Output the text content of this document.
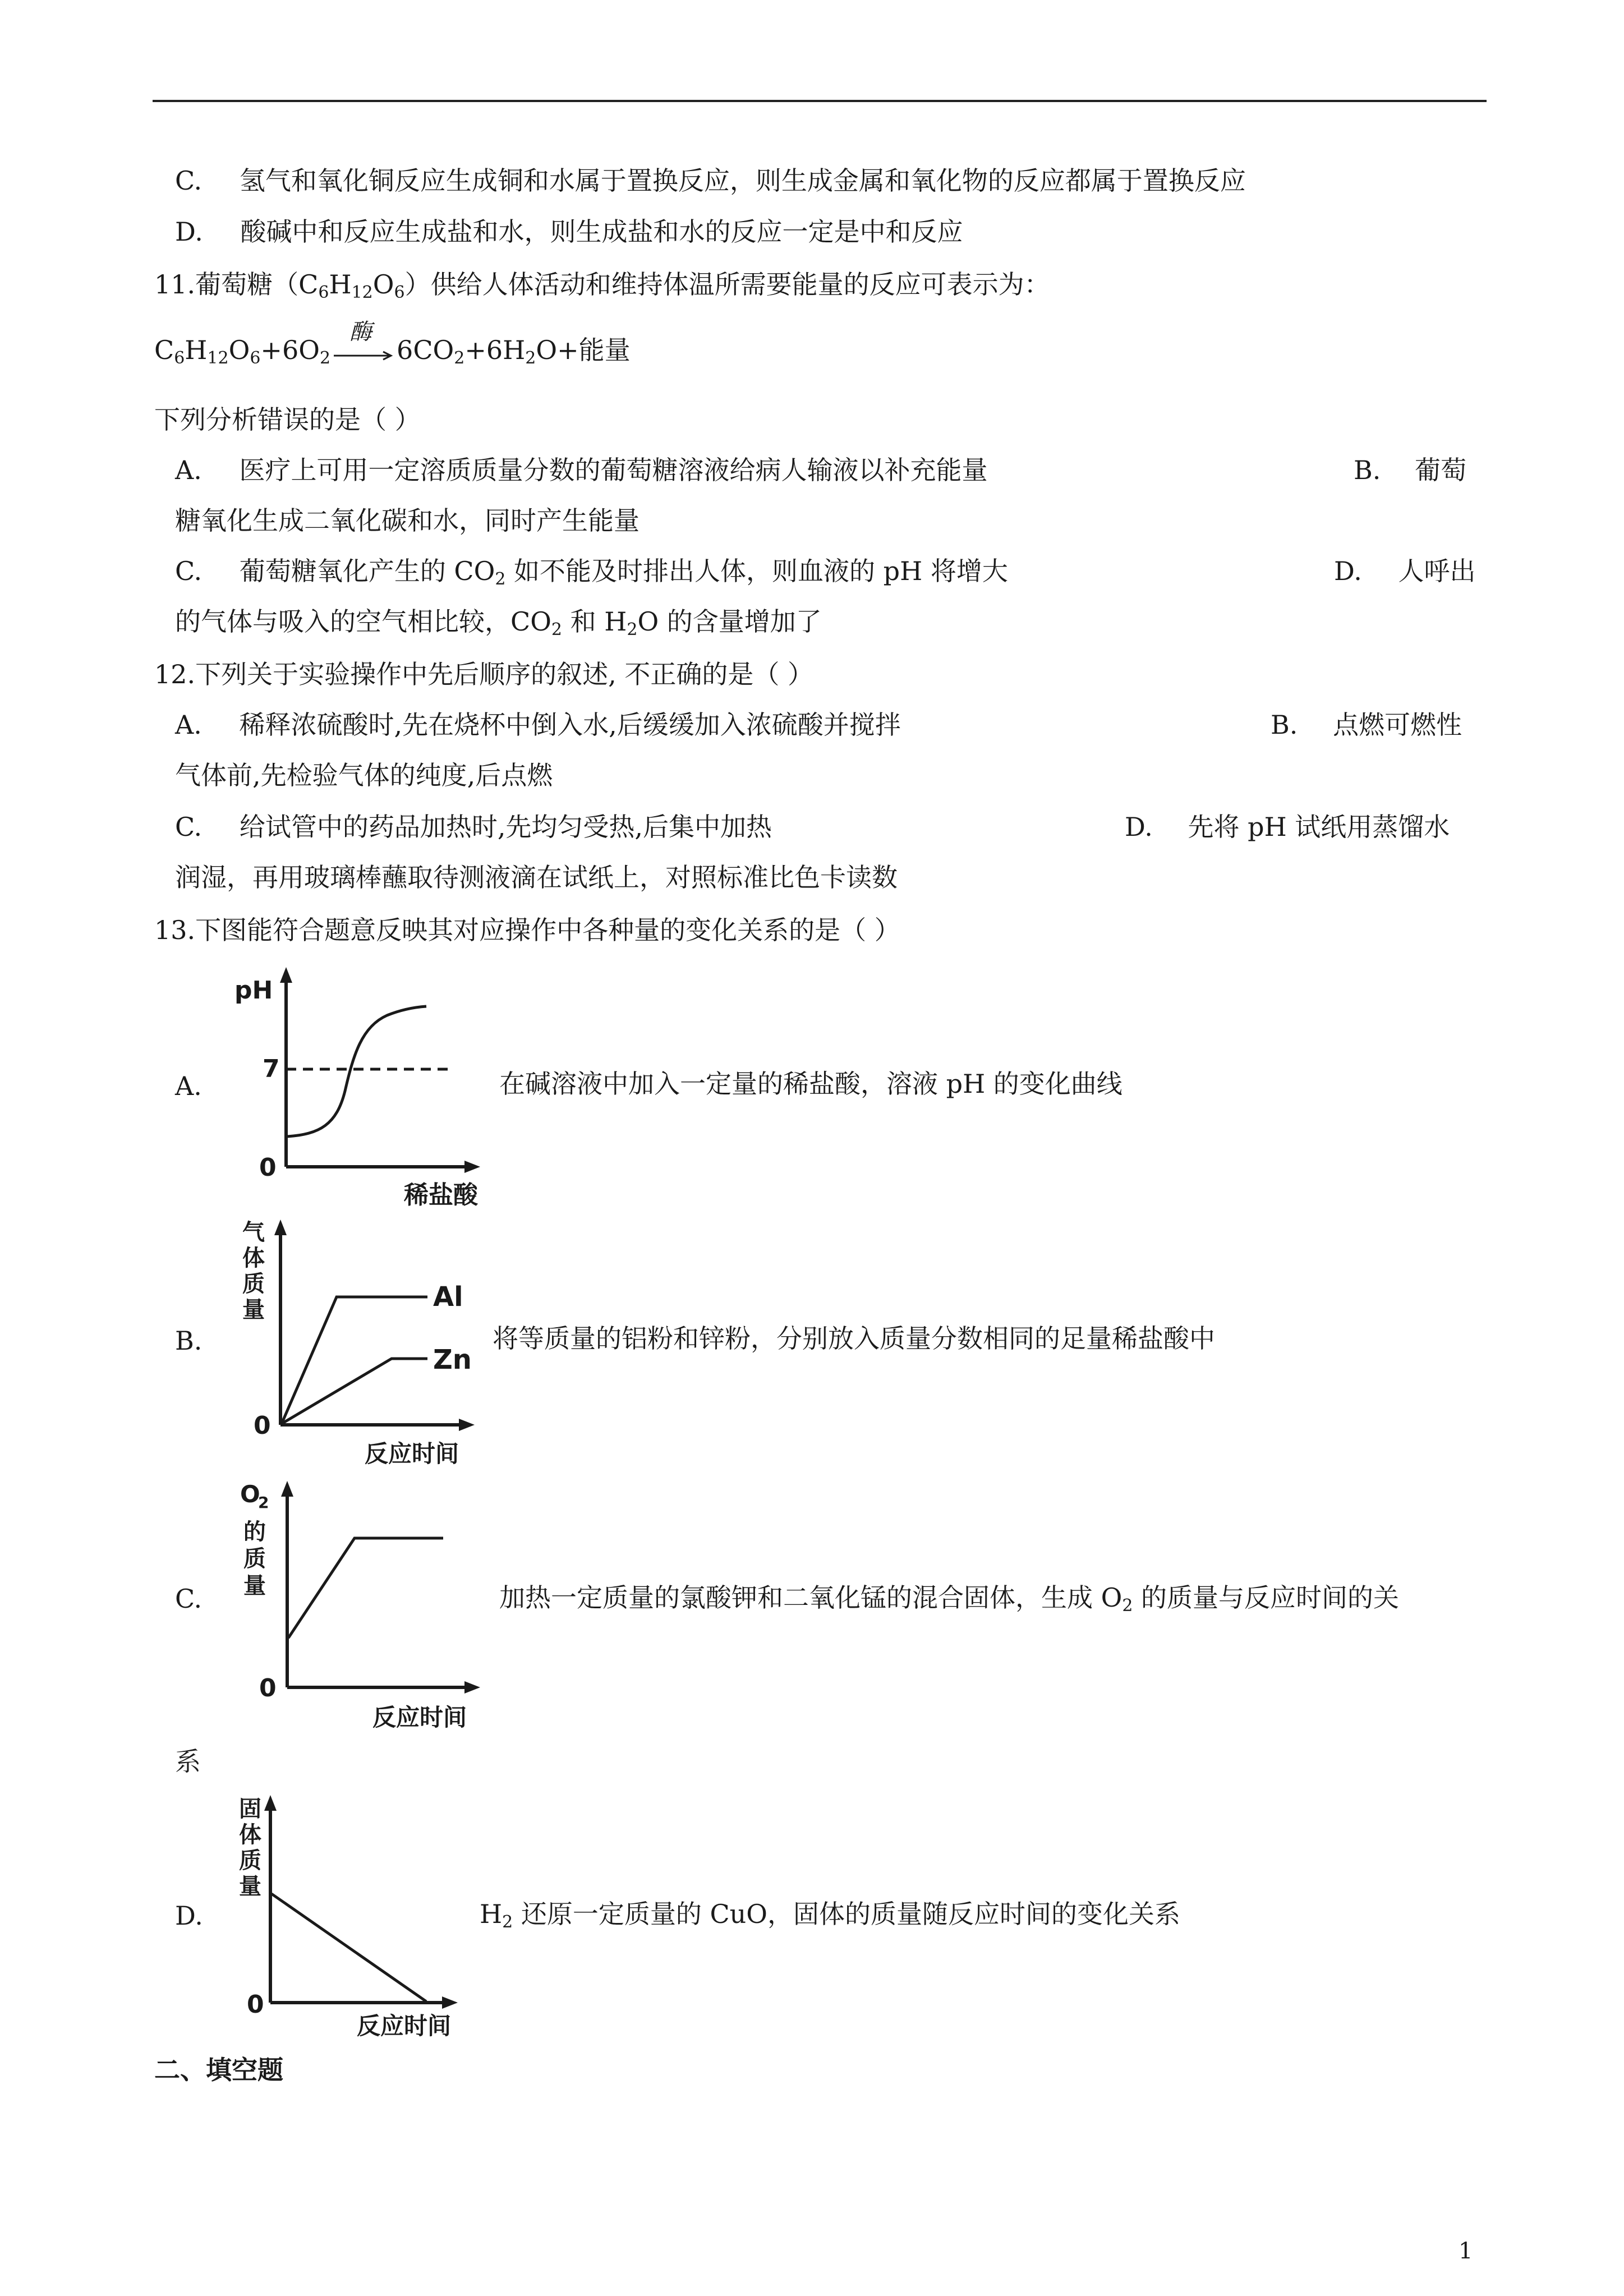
C. 氢气和氧化铜反应生成铜和水属于置换反应，则生成金属和氧化物的反应都属于置换反应
D. 酸碱中和反应生成盐和水，则生成盐和水的反应一定是中和反应
11.葡萄糖$(C_6H_{12}O_6)$供给人体活动和维持体温所需要能量的反应可表示为：
$C_6H_{12}O_6+6O_2$
酶
$6CO_2+6H_2O+$能量
下列分析错误的是（ ）
A. 医疗上可用一定溶质质量分数的葡萄糖溶液给病人输液以补充能量	B. 葡萄
糖氧化生成二氧化碳和水，同时产生能量
C. 葡萄糖氧化产生的 $CO_2$ 如不能及时排出人体，则血液的 pH 将增大	D. 人呼出
的气体与吸入的空气相比较，$CO_2$ 和 $H_2O$ 的含量增加了
12.下列关于实验操作中先后顺序的叙述, 不正确的是（ ）
A. 稀释浓硫酸时,先在烧杯中倒入水,后缓缓加入浓硫酸并搅拌	B. 点燃可燃性
气体前,先检验气体的纯度,后点燃
C. 给试管中的药品加热时,先均匀受热,后集中加热	D. 先将 pH 试纸用蒸馏水
润湿，再用玻璃棒蘸取待测液滴在试纸上，对照标准比色卡读数
13.下图能符合题意反映其对应操作中各种量的变化关系的是（ ）
A.
pH
7
0
稀盐酸
在碱溶液中加入一定量的稀盐酸，溶液 pH 的变化曲线
B.
气
体
质
量
0
反应时间
Al
Zn
将等质量的铝粉和锌粉，分别放入质量分数相同的足量稀盐酸中
C.
O
2
的
质
量
0
反应时间
加热一定质量的氯酸钾和二氧化锰的混合固体，生成 $O_2$ 的质量与反应时间的关
系
D.
固
体
质
量
0
反应时间
$H_2$ 还原一定质量的 CuO，固体的质量随反应时间的变化关系
二、填空题
1
